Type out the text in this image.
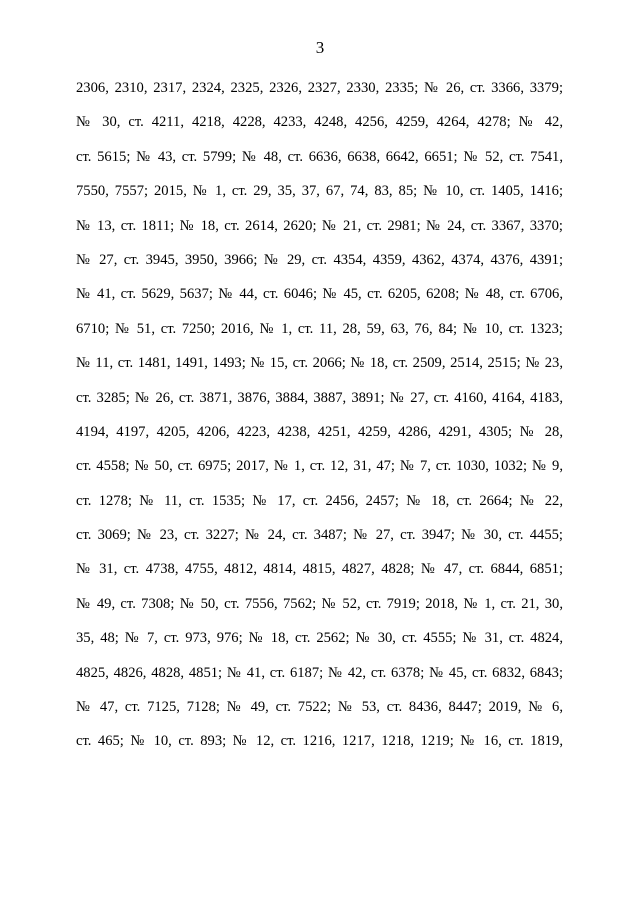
3
2306, 2310, 2317, 2324, 2325, 2326, 2327, 2330, 2335; № 26, ст. 3366, 3379;
№ 30, ст. 4211, 4218, 4228, 4233, 4248, 4256, 4259, 4264, 4278; № 42,
ст. 5615; № 43, ст. 5799; № 48, ст. 6636, 6638, 6642, 6651; № 52, ст. 7541,
7550, 7557; 2015, № 1, ст. 29, 35, 37, 67, 74, 83, 85; № 10, ст. 1405, 1416;
№ 13, ст. 1811; № 18, ст. 2614, 2620; № 21, ст. 2981; № 24, ст. 3367, 3370;
№ 27, ст. 3945, 3950, 3966; № 29, ст. 4354, 4359, 4362, 4374, 4376, 4391;
№ 41, ст. 5629, 5637; № 44, ст. 6046; № 45, ст. 6205, 6208; № 48, ст. 6706,
6710; № 51, ст. 7250; 2016, № 1, ст. 11, 28, 59, 63, 76, 84; № 10, ст. 1323;
№ 11, ст. 1481, 1491, 1493; № 15, ст. 2066; № 18, ст. 2509, 2514, 2515; № 23,
ст. 3285; № 26, ст. 3871, 3876, 3884, 3887, 3891; № 27, ст. 4160, 4164, 4183,
4194, 4197, 4205, 4206, 4223, 4238, 4251, 4259, 4286, 4291, 4305; № 28,
ст. 4558; № 50, ст. 6975; 2017, № 1, ст. 12, 31, 47; № 7, ст. 1030, 1032; № 9,
ст. 1278; № 11, ст. 1535; № 17, ст. 2456, 2457; № 18, ст. 2664; № 22,
ст. 3069; № 23, ст. 3227; № 24, ст. 3487; № 27, ст. 3947; № 30, ст. 4455;
№ 31, ст. 4738, 4755, 4812, 4814, 4815, 4827, 4828; № 47, ст. 6844, 6851;
№ 49, ст. 7308; № 50, ст. 7556, 7562; № 52, ст. 7919; 2018, № 1, ст. 21, 30,
35, 48; № 7, ст. 973, 976; № 18, ст. 2562; № 30, ст. 4555; № 31, ст. 4824,
4825, 4826, 4828, 4851; № 41, ст. 6187; № 42, ст. 6378; № 45, ст. 6832, 6843;
№ 47, ст. 7125, 7128; № 49, ст. 7522; № 53, ст. 8436, 8447; 2019, № 6,
ст. 465; № 10, ст. 893; № 12, ст. 1216, 1217, 1218, 1219; № 16, ст. 1819,
